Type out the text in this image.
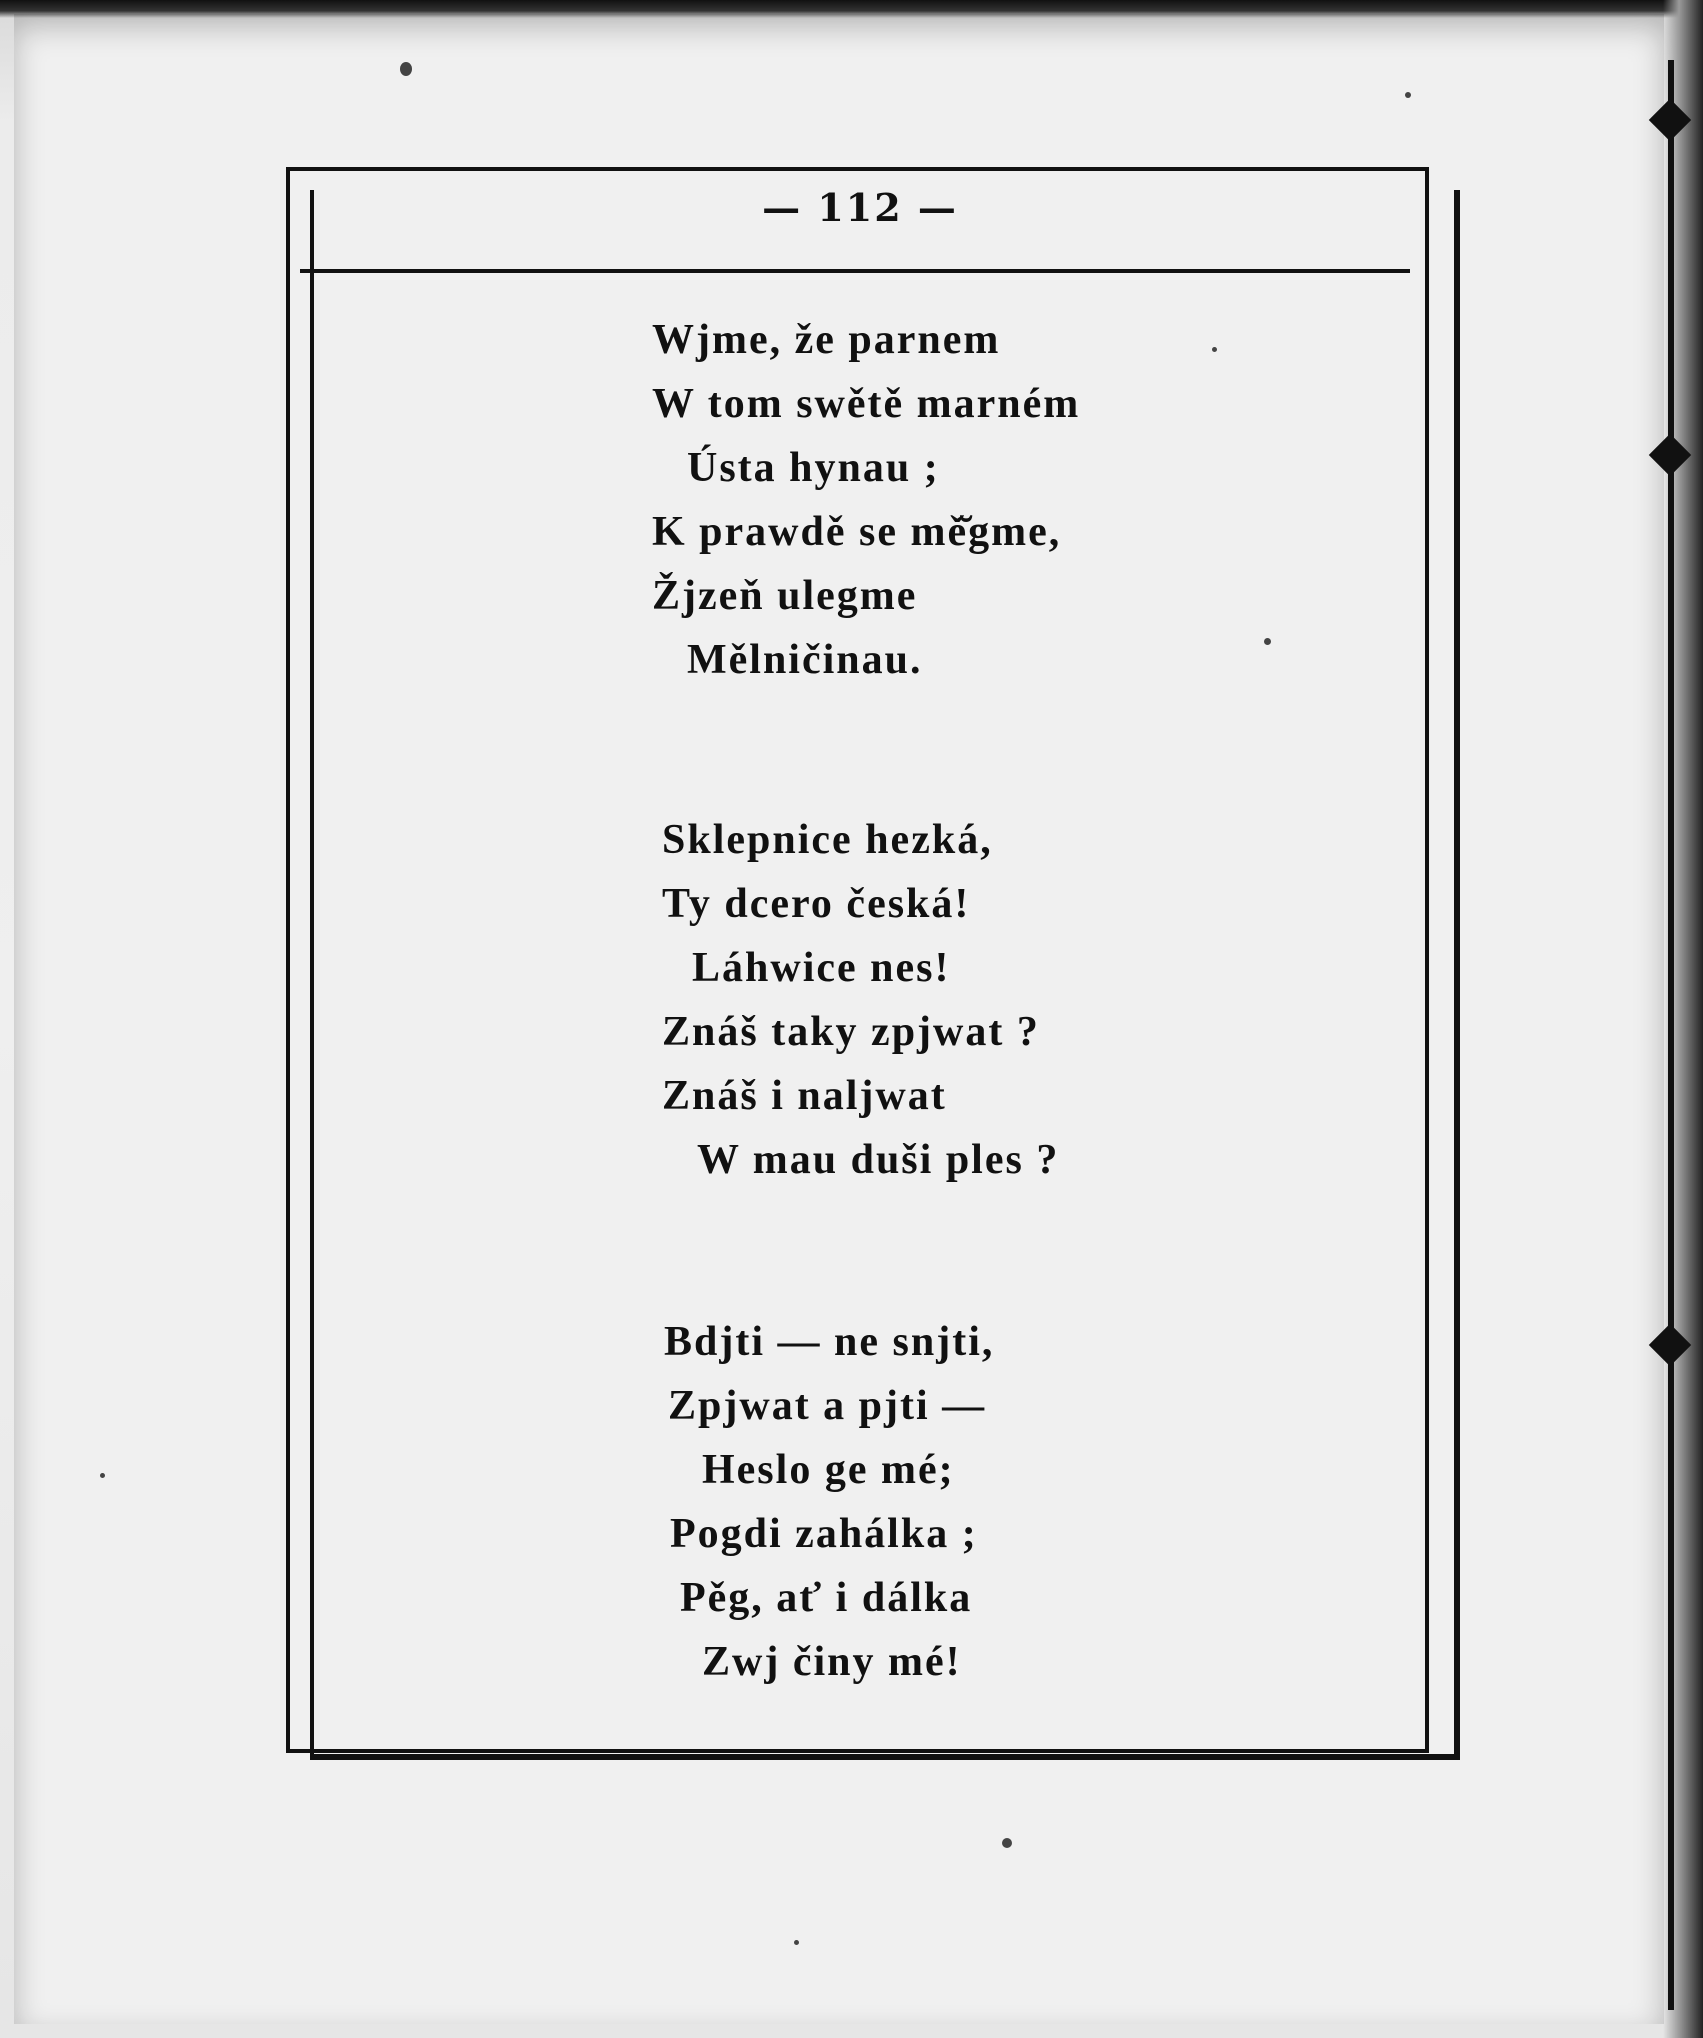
— 112 —
Wjme, že parnem
W tom swětě marném
Ústa hynau ;
K prawdě se mě̆gme,
Žjzeň ulegme
Mělničinau.
Sklepnice hezká,
Ty dcero česká!
Láhwice nes!
Znáš taky zpjwat ?
Znáš i naljwat
W mau duši ples ?
Bdjti — ne snjti,
Zpjwat a pjti —
Heslo ge mé;
Pogdi zahálka ;
Pěg, ať i dálka
Zwj činy mé!
